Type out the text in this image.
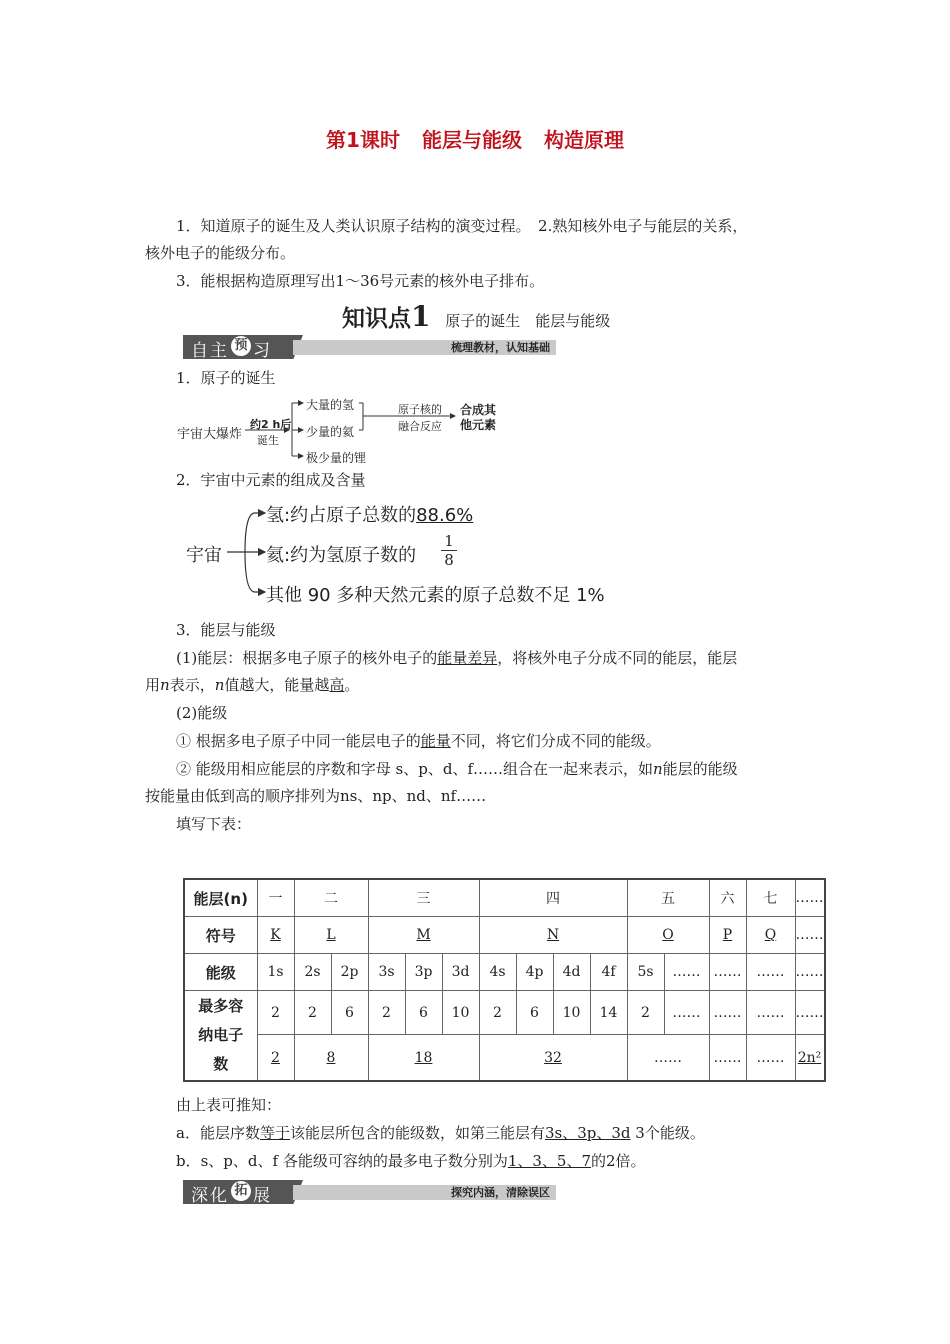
第1课时 能层与能级 构造原理
1．知道原子的诞生及人类认识原子结构的演变过程。　2.熟知核外电子与能层的关系，
核外电子的能级分布。
3．能根据构造原理写出1～36号元素的核外电子排布。
知识点1 原子的诞生　能层与能级
自主 预 习	梳理教材，认知基础
1．原子的诞生
宇宙大爆炸
约2 h后
诞生
大量的氢
少量的氦
极少量的锂
原子核的
融合反应
合成其
他元素
2．宇宙中元素的组成及含量
宇宙
氢:约占原子总数的88.6%
氦:约为氢原子数的 $\frac{1}{8}$
其他 90 多种天然元素的原子总数不足 1%
3．能层与能级
(1)能层：根据多电子原子的核外电子的能量差异，将核外电子分成不同的能层，能层
用n表示，n值越大，能量越高。
(2)能级
① 根据多电子原子中同一能层电子的能量不同，将它们分成不同的能级。
② 能级用相应能层的序数和字母 s、p、d、f……组合在一起来表示，如n能层的能级
按能量由低到高的顺序排列为ns、np、nd、nf……
填写下表：
能层(n)	一	二		三			四				五		六	七	……
符号	K	L		M			N				O		P	Q	……
能级	1s	2s	2p	3s	3p	3d	4s	4p	4d	4f	5s	……	……	……	……

最多容
纳电子
数	2	2	6	2	6	10	2	6	10	14	2	……	……	……	……
	2	8		18			32				……		……	……	2n²
由上表可推知：
a．能层序数等于该能层所包含的能级数，如第三能层有3s、3p、3d 3个能级。
b．s、p、d、f 各能级可容纳的最多电子数分别为1、3、5、7的2倍。
深化 拓 展	探究内涵，清除误区
